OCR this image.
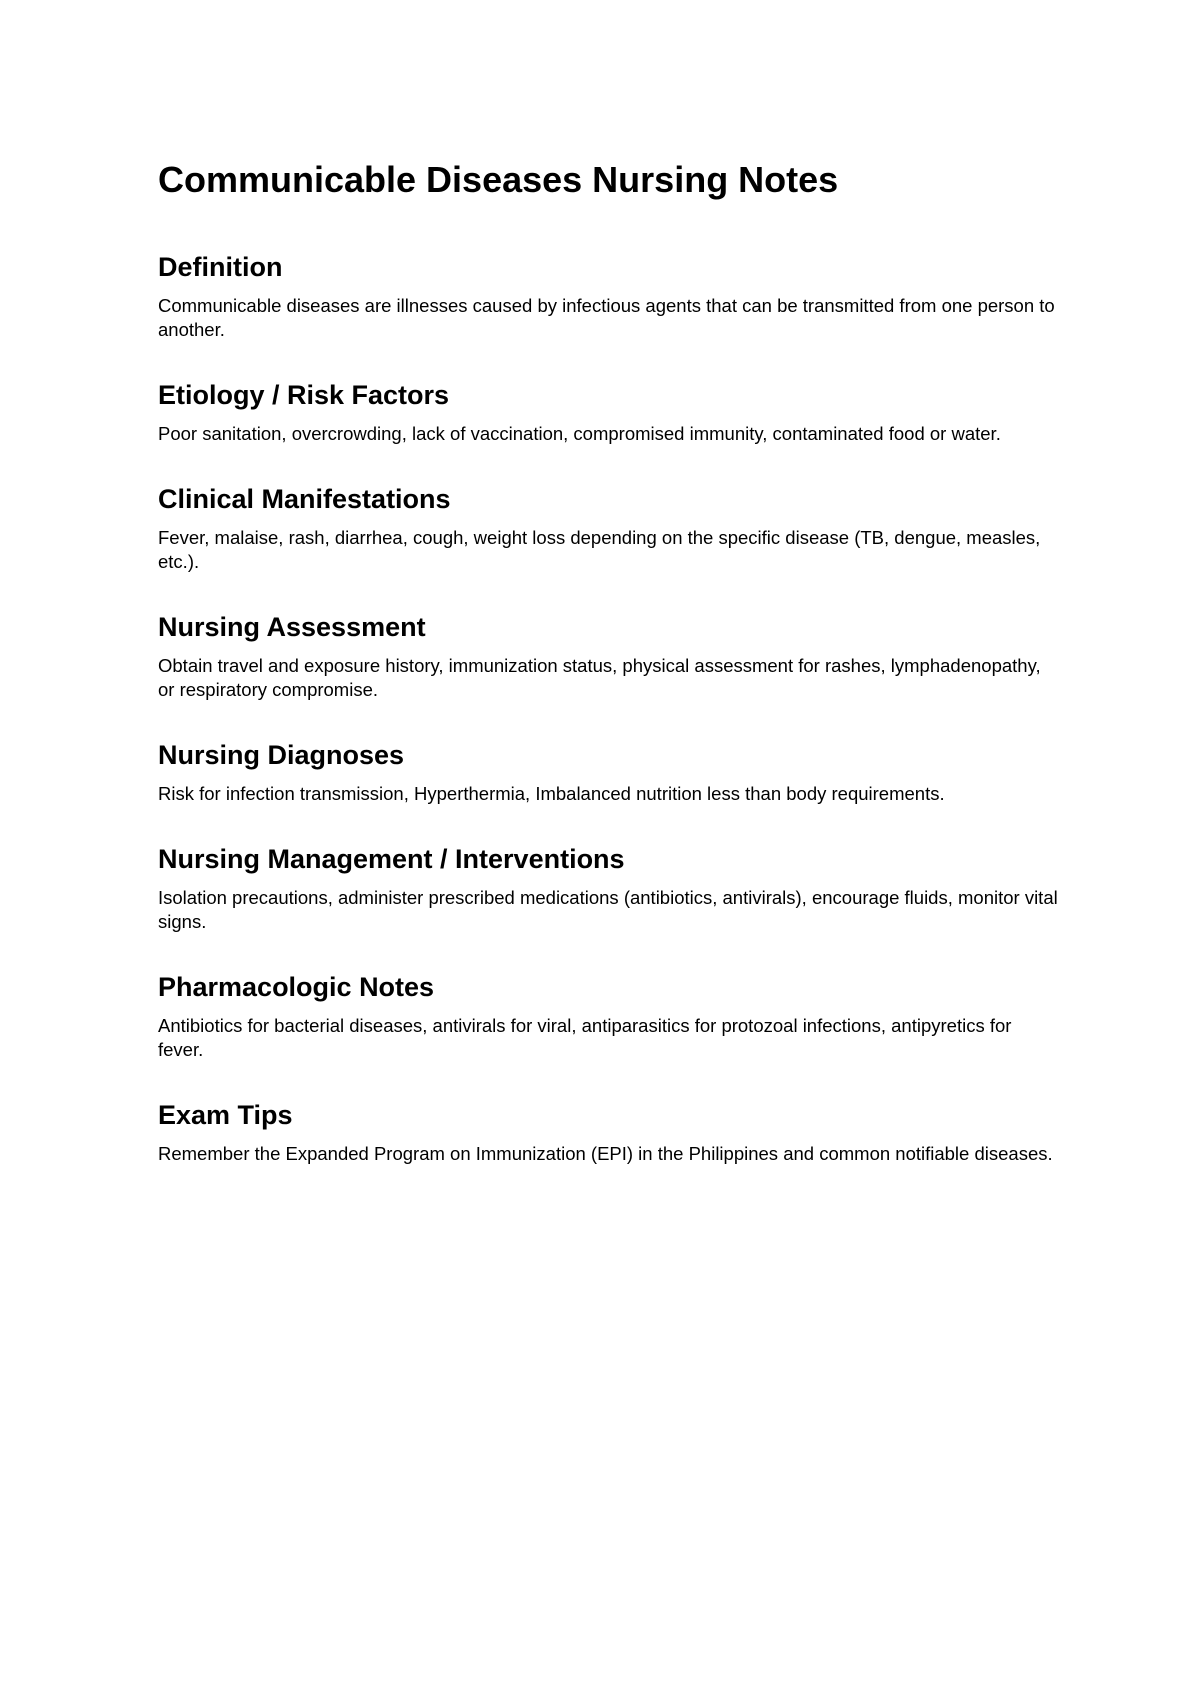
Communicable Diseases Nursing Notes
Definition

Communicable diseases are illnesses caused by infectious agents that can be transmitted from one person to another.

Etiology / Risk Factors

Poor sanitation, overcrowding, lack of vaccination, compromised immunity, contaminated food or water.

Clinical Manifestations

Fever, malaise, rash, diarrhea, cough, weight loss depending on the specific disease (TB, dengue, measles, etc.).

Nursing Assessment

Obtain travel and exposure history, immunization status, physical assessment for rashes, lymphadenopathy, or respiratory compromise.

Nursing Diagnoses

Risk for infection transmission, Hyperthermia, Imbalanced nutrition less than body requirements.

Nursing Management / Interventions

Isolation precautions, administer prescribed medications (antibiotics, antivirals), encourage fluids, monitor vital signs.

Pharmacologic Notes

Antibiotics for bacterial diseases, antivirals for viral, antiparasitics for protozoal infections, antipyretics for fever.

Exam Tips

Remember the Expanded Program on Immunization (EPI) in the Philippines and common notifiable diseases.
